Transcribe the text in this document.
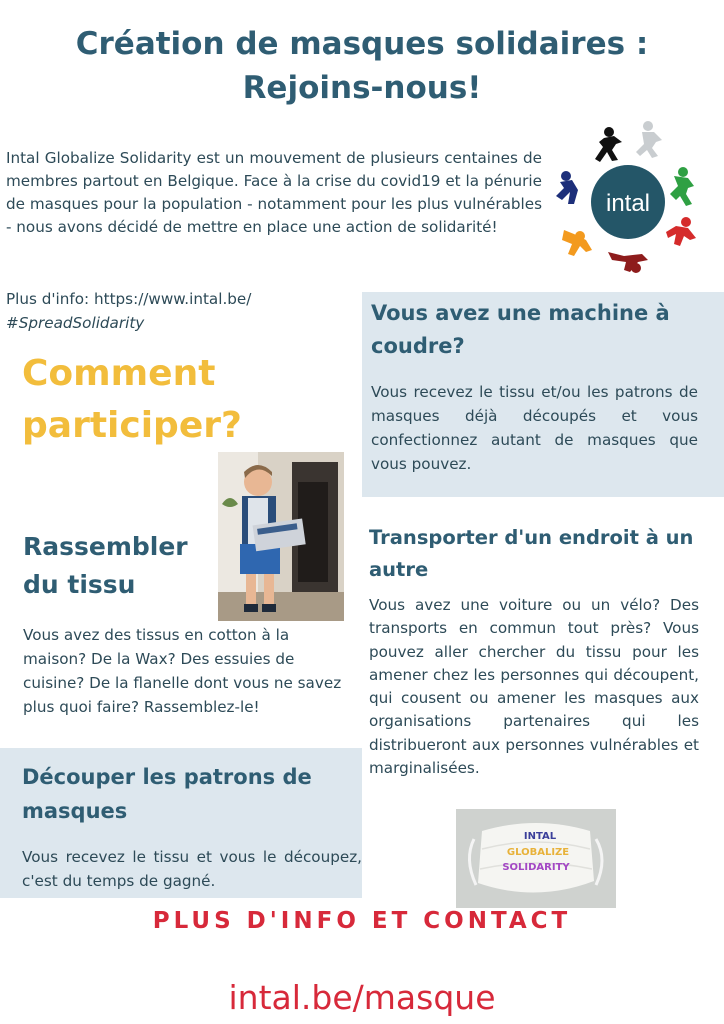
Création de masques solidaires :
Rejoins-nous!
Intal Globalize Solidarity est un mouvement de plusieurs centaines de membres partout en Belgique. Face à la crise du covid19 et la pénurie de masques pour la population - notamment pour les plus vulnérables - nous avons décidé de mettre en place une action de solidarité!
intal
Plus d'info: https://www.intal.be/
#SpreadSolidarity	Vous avez une machine à coudre?
Vous recevez le tissu et/ou les patrons de masques déjà découpés et vous confectionnez autant de masques que vous pouvez.
Comment
participer?
Rassembler
du tissu
Vous avez des tissus en cotton à la maison? De la Wax? Des essuies de cuisine? De la flanelle dont vous ne savez plus quoi faire? Rassemblez-le!
Transporter d'un endroit à un autre
Vous avez une voiture ou un vélo? Des transports en commun tout près? Vous pouvez aller chercher du tissu pour les amener chez les personnes qui découpent, qui cousent ou amener les masques aux organisations partenaires qui les distribueront aux personnes vulnérables et marginalisées.
Découper les patrons de masques
Vous recevez le tissu et vous le découpez, c'est du temps de gagné.
INTAL
GLOBALIZE
SOLIDARITY
PLUS D'INFO ET CONTACT
intal.be/masque
